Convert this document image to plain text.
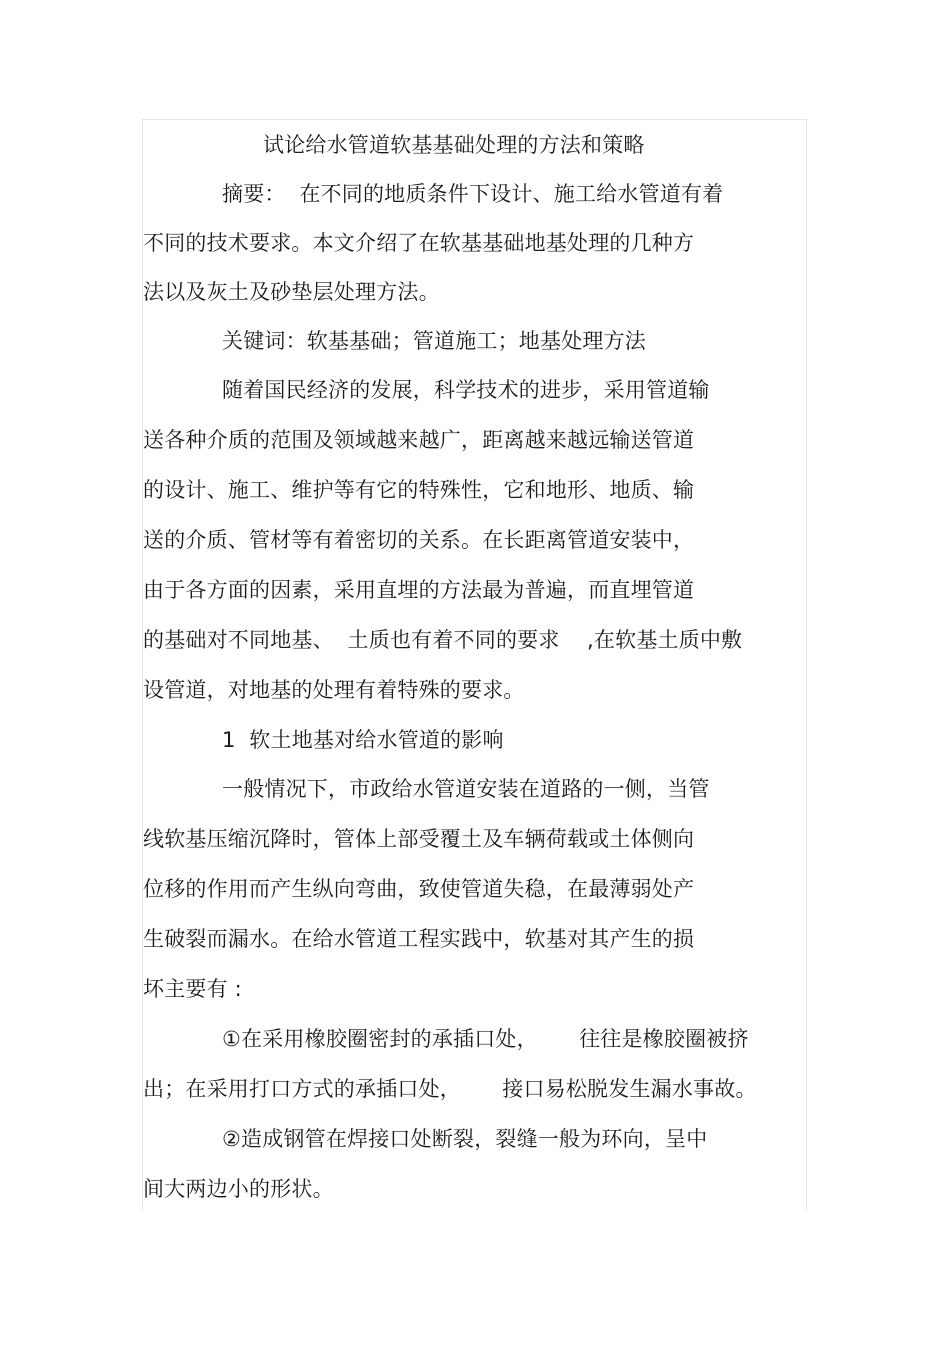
试论给水管道软基基础处理的方法和策略
摘要：  在不同的地质条件下设计、施工给水管道有着
不同的技术要求。本文介绍了在软基基础地基处理的几种方
法以及灰土及砂垫层处理方法。
关键词：软基基础；管道施工；地基处理方法
随着国民经济的发展，科学技术的进步，采用管道输
送各种介质的范围及领域越来越广，距离越来越远输送管道
的设计、施工、维护等有它的特殊性，它和地形、地质、输
送的介质、管材等有着密切的关系。在长距离管道安装中，
由于各方面的因素，采用直埋的方法最为普遍，而直埋管道
的基础对不同地基、  土质也有着不同的要求    ,在软基土质中敷
设管道，对地基的处理有着特殊的要求。
1  软土地基对给水管道的影响
一般情况下，市政给水管道安装在道路的一侧，当管
线软基压缩沉降时，管体上部受覆土及车辆荷载或土体侧向
位移的作用而产生纵向弯曲，致使管道失稳，在最薄弱处产
生破裂而漏水。在给水管道工程实践中，软基对其产生的损
坏主要有 :
①在采用橡胶圈密封的承插口处，      往往是橡胶圈被挤
出；在采用打口方式的承插口处，      接口易松脱发生漏水事故。
②造成钢管在焊接口处断裂，裂缝一般为环向，呈中
间大两边小的形状。
